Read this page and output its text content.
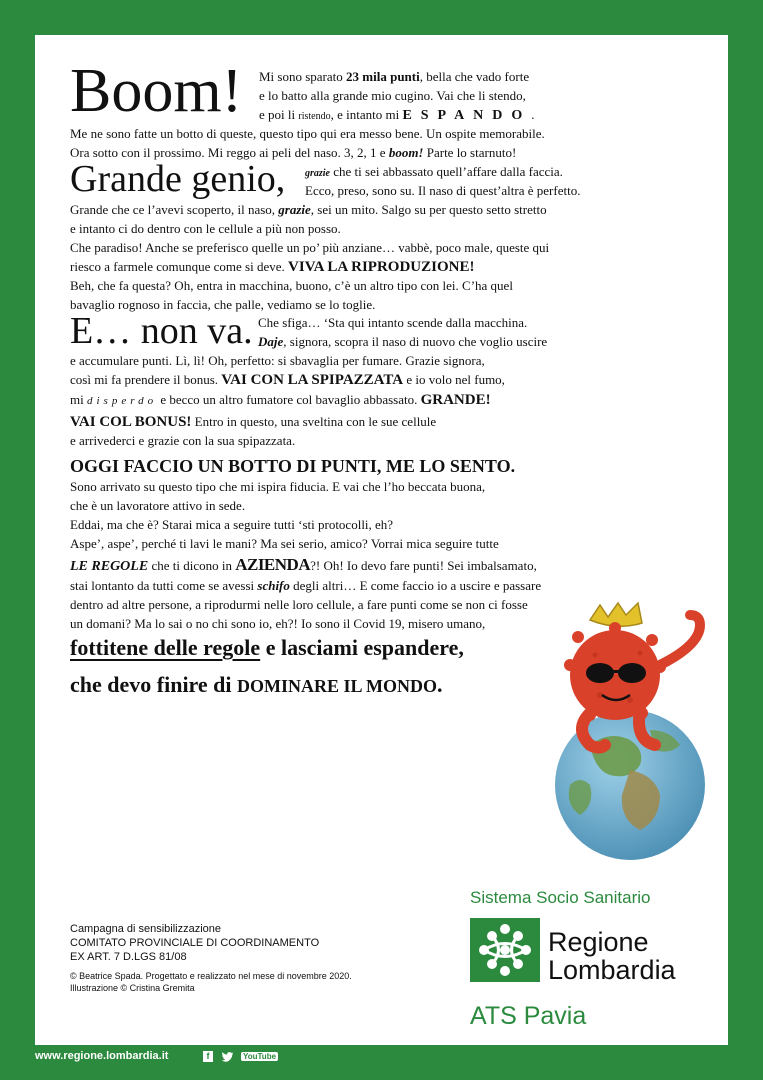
Boom! Mi sono sparato 23 mila punti, bella che vado forte
e lo batto alla grande mio cugino. Vai che li stendo,
e poi li ristendo, e intanto mi ESPANDO.
Me ne sono fatte un botto di queste, questo tipo qui era messo bene. Un ospite memorabile.
Ora sotto con il prossimo. Mi reggo ai peli del naso. 3, 2, 1 e boom! Parte lo starnuto!
Grande genio, grazie che ti sei abbassato quell’affare dalla faccia.
Ecco, preso, sono su. Il naso di quest’altra è perfetto.
Grande che ce l’avevi scoperto, il naso, grazie, sei un mito. Salgo su per questo setto stretto
e intanto ci do dentro con le cellule a più non posso.
Che paradiso! Anche se preferisco quelle un po’ più anziane… vabbè, poco male, queste qui
riesco a farmele comunque come si deve. VIVA LA RIPRODUZIONE!
Beh, che fa questa? Oh, entra in macchina, buono, c’è un altro tipo con lei. C’ha quel
bavaglio rognoso in faccia, che palle, vediamo se lo toglie.
E… non va. Che sfiga… ‘Sta qui intanto scende dalla macchina.
Daje, signora, scopra il naso di nuovo che voglio uscire
e accumulare punti. Lì, lì! Oh, perfetto: si sbavaglia per fumare. Grazie signora,
così mi fa prendere il bonus. VAI CON LA SPIPAZZATA e io volo nel fumo,
mi disperdo e becco un altro fumatore col bavaglio abbassato. GRANDE!
VAI COL BONUS! Entro in questo, una sveltina con le sue cellule
e arrivederci e grazie con la sua spipazzata.
OGGI FACCIO UN BOTTO DI PUNTI, ME LO SENTO.
Sono arrivato su questo tipo che mi ispira fiducia. E vai che l’ho beccata buona,
che è un lavoratore attivo in sede.
Eddai, ma che è? Starai mica a seguire tutti ‘sti protocolli, eh?
Aspe’, aspe’, perché ti lavi le mani? Ma sei serio, amico? Vorrai mica seguire tutte
LE REGOLE che ti dicono in AZIENDA?! Oh! Io devo fare punti! Sei imbalsamato,
stai lontanto da tutti come se avessi schifo degli altri… E come faccio io a uscire e passare
dentro ad altre persone, a riprodurmi nelle loro cellule, a fare punti come se non ci fosse
un domani? Ma lo sai o no chi sono io, eh?! Io sono il Covid 19, misero umano,
fottitene delle regole e lasciami espandere,
che devo finire di DOMINARE IL MONDO.
Campagna di sensibilizzazione
COMITATO PROVINCIALE DI COORDINAMENTO
EX ART. 7 D.LGS 81/08
© Beatrice Spada. Progettato e realizzato nel mese di novembre 2020.
Illustrazione © Cristina Gremita
Sistema Socio Sanitario
Regione
Lombardia
ATS Pavia
www.regione.lombardia.it	f	YouTube
